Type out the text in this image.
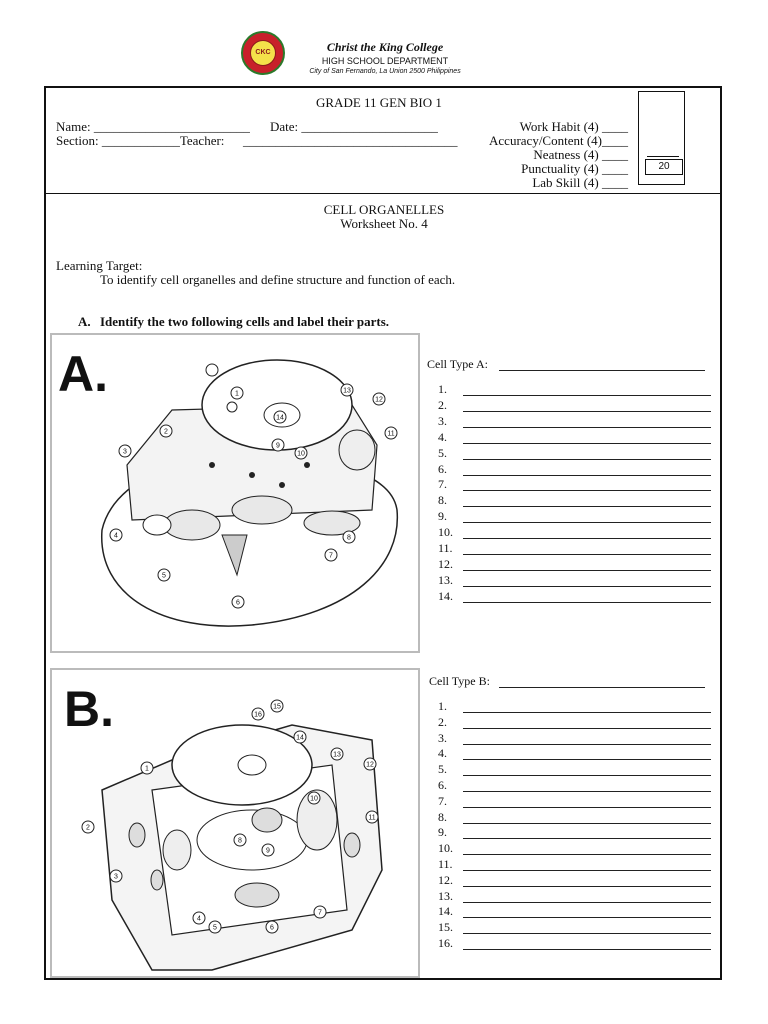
CKC	Christ the King College
HIGH SCHOOL DEPARTMENT
City of San Fernando, La Union 2500 Philippines
GRADE 11 GEN BIO 1
Name: ________________________ Date: _____________________
Section: ____________Teacher: _________________________________
Work Habit (4) ____
Accuracy/Content (4)____
Neatness (4) ____
Punctuality (4) ____
Lab Skill (4) ____
20
CELL ORGANELLES
Worksheet No. 4
Learning Target:
To identify cell organelles and define structure and function of each.
A. Identify the two following cells and label their parts.
A.	1
2
3
4
5
6
7
8
9
10
11
12
13
14
Cell Type A:
1.
2.
3.
4.
5.
6.
7.
8.
9.
10.
11.
12.
13.
14.
B.
1
2
3
4
5	6
7
8
9
10
11
12
13
14
15
16
Cell Type B:
1.
2.
3.
4.
5.
6.
7.
8.
9.
10.
11.
12.
13.
14.
15.
16.
